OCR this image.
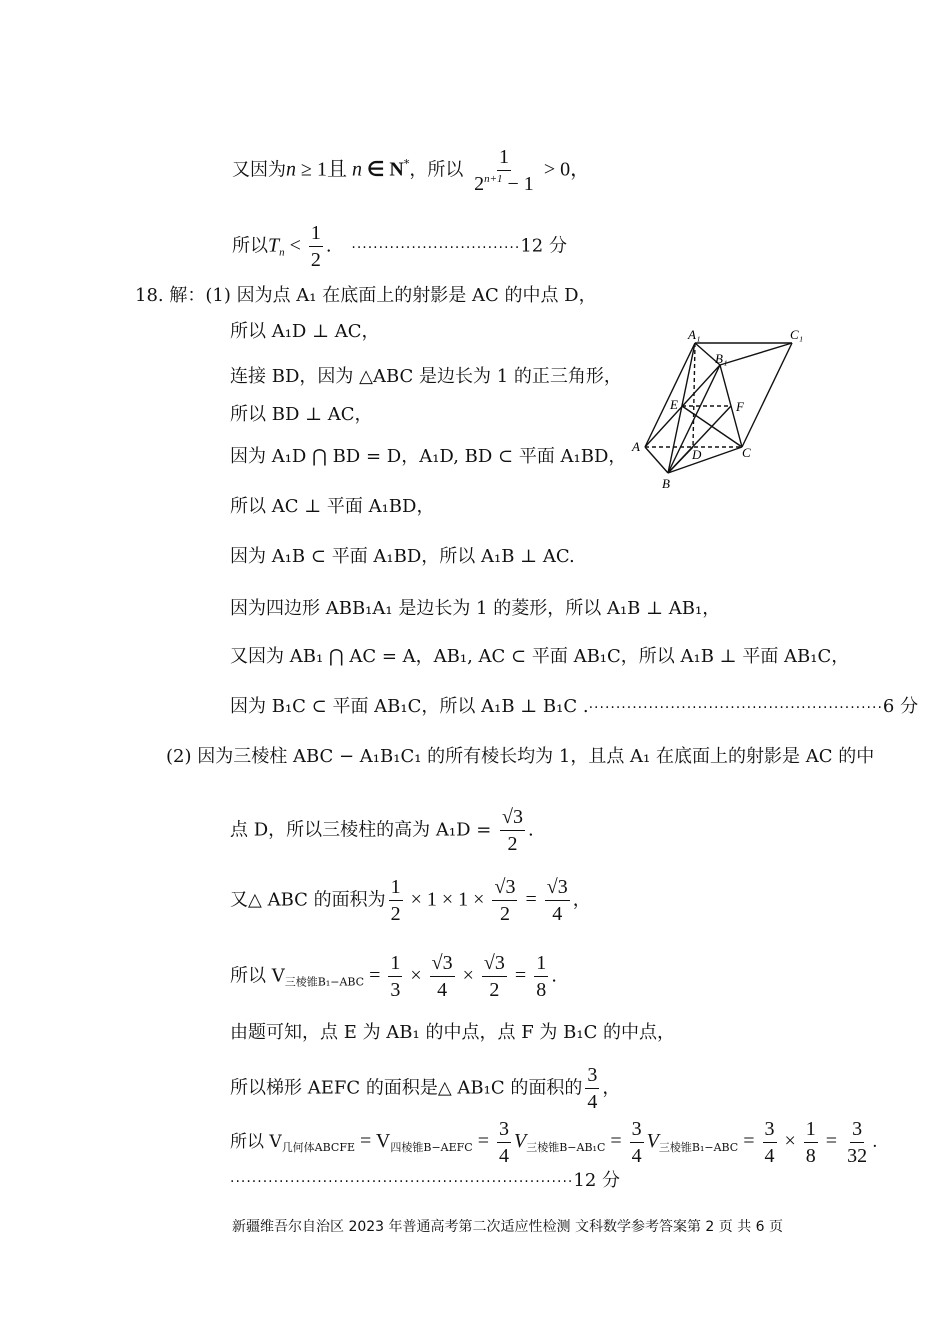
又因为n ≥ 1且 n ∈ N*，所以 $\frac{1}{2^{n+1} - 1} > 0$，
所以$T_n < \frac{1}{2}$ . ·······························12 分
18. 解：(1) 因为点 A₁ 在底面上的射影是 AC 的中点 D，
所以 A₁D ⊥ AC，
连接 BD，因为 △ABC 是边长为 1 的正三角形，
所以 BD ⊥ AC，
因为 A₁D ⋂ BD = D，A₁D, BD ⊂ 平面 A₁BD，
所以 AC ⊥ 平面 A₁BD，
因为 A₁B ⊂ 平面 A₁BD，所以 A₁B ⊥ AC.
因为四边形 ABB₁A₁ 是边长为 1 的菱形，所以 A₁B ⊥ AB₁，
又因为 AB₁ ⋂ AC = A，AB₁, AC ⊂ 平面 AB₁C，所以 A₁B ⊥ 平面 AB₁C，
因为 B₁C ⊂ 平面 AB₁C，所以 A₁B ⊥ B₁C .······················································6 分
(2) 因为三棱柱 ABC − A₁B₁C₁ 的所有棱长均为 1，且点 A₁ 在底面上的射影是 AC 的中
点 D，所以三棱柱的高为 $A_1D = \frac{√3}{2}$ .
又△ ABC 的面积为 $\frac{1}{2} \times 1 \times 1 \times \frac{√3}{2} = \frac{√3}{4}$ ，
所以 $V_{三棱锥B_1-ABC} = \frac{1}{3} \times \frac{√3}{4} \times \frac{√3}{2} = \frac{1}{8}$ .
由题可知，点 E 为 AB₁ 的中点，点 F 为 B₁C 的中点，
所以梯形 AEFC 的面积是△ AB₁C 的面积的 $\frac{3}{4}$ ，
所以 $V_{几何体ABCFE} = V_{四棱锥B-AEFC} = \frac{3}{4} V_{三棱锥B-AB_1C} = \frac{3}{4} V_{三棱锥B_1-ABC} = \frac{3}{4} \times \frac{1}{8} = \frac{3}{32}$ .
·······························································12 分
A₁
B₁
C₁
A
B
C
D
E	F
新疆维吾尔自治区 2023 年普通高考第二次适应性检测 文科数学参考答案第 2 页 共 6 页
